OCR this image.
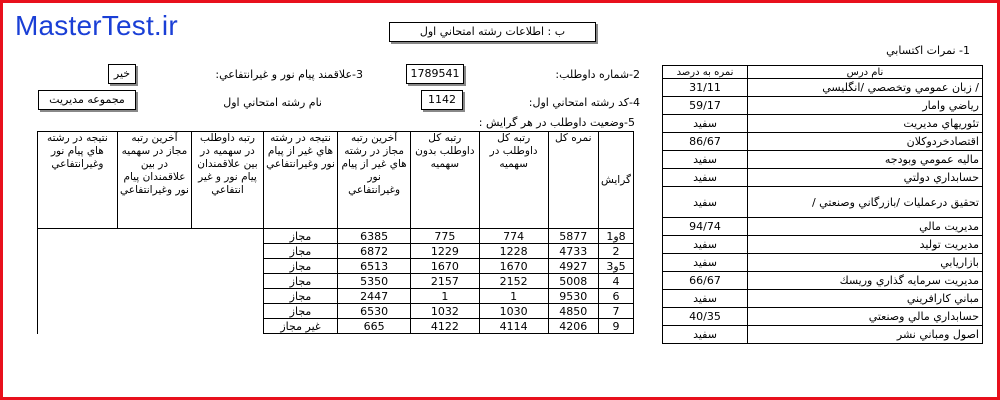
MasterTest.ir	ب : اطلاعات رشته امتحاني اول
1- نمرات اكتسابي
نام درس	نمره به درصد
/ زبان عمومي وتخصصي /انگليسي	31/11
رياضي وامار	59/17
تئوريهاي مديريت	سفيد
اقتصادخردوكلان	86/67
ماليه عمومي وبودجه	سفيد
حسابداري دولتي	سفيد
تحقيق درعمليات /بازرگاني وصنعتي /	سفيد
مديريت مالي	94/74
مديريت توليد	سفيد
بازاريابي	سفيد
مديريت سرمايه گذاري وريسك	66/67
مباني كارافريني	سفيد
حسابداري مالي وصنعتي	40/35
اصول ومباني نشر	سفيد
2-شماره داوطلب:
1789541
3-علاقمند پيام نور و غيرانتفاعي:
خير
4-كد رشته امتحاني اول:
1142
نام رشته امتحاني اول
مجموعه مديريت
5-وضعيت داوطلب در هر گرايش :
گرايش	نمره كل	رتبه كل داوطلب در سهميه	رتبه كل داوطلب بدون سهميه	آخرين رتبه مجاز در رشته هاي غير از پيام نور وغيرانتفاعي	نتيجه در رشته هاي غير از پيام نور وغيرانتفاعي	رتبه داوطلب در سهميه در بين علاقمندان پيام نور و غير انتفاعي	آخرين رتبه مجاز در سهميه در بين علاقمندان پيام نور وغيرانتفاعي	نتيجه در رشته هاي پيام نور وغيرانتفاعي
8و1	5877	774	775	6385	مجاز			
2	4733	1228	1229	6872	مجاز			
5و3	4927	1670	1670	6513	مجاز			
4	5008	2152	2157	5350	مجاز			
6	9530	1	1	2447	مجاز			
7	4850	1030	1032	6530	مجاز			
9	4206	4114	4122	665	غير مجاز			
